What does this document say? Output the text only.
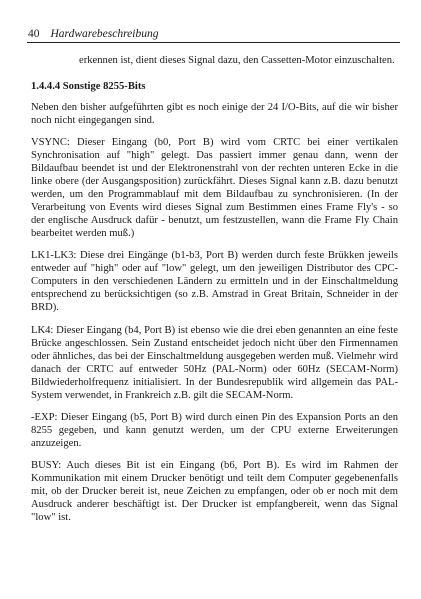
40 Hardwarebeschreibung

erkennen ist, dient dieses Signal dazu, den Cassetten-Motor einzuschalten.

1.4.4.4 Sonstige 8255-Bits

Neben den bisher aufgeführten gibt es noch einige der 24 I/O-Bits, auf die wir bisher noch nicht eingegangen sind.

VSYNC: Dieser Eingang (b0, Port B) wird vom CRTC bei einer vertikalen Synchronisation auf "high" gelegt. Das passiert immer genau dann, wenn der Bildaufbau beendet ist und der Elektronenstrahl von der rechten unteren Ecke in die linke obere (der Ausgangsposition) zurückfährt. Dieses Signal kann z.B. dazu benutzt werden, um den Programmablauf mit dem Bildaufbau zu synchronisieren. (In der Verarbeitung von Events wird dieses Signal zum Bestimmen eines Frame Fly's - so der englische Ausdruck dafür - benutzt, um festzustellen, wann die Frame Fly Chain bearbeitet werden muß.)

LK1-LK3: Diese drei Eingänge (b1-b3, Port B) werden durch feste Brükken jeweils entweder auf "high" oder auf "low" gelegt, um den jeweiligen Distributor des CPC-Computers in den verschiedenen Ländern zu ermitteln und in der Einschaltmeldung entsprechend zu berücksichtigen (so z.B. Amstrad in Great Britain, Schneider in der BRD).

LK4: Dieser Eingang (b4, Port B) ist ebenso wie die drei eben genannten an eine feste Brücke angeschlossen. Sein Zustand entscheidet jedoch nicht über den Firmennamen oder ähnliches, das bei der Einschaltmeldung ausgegeben werden muß. Vielmehr wird danach der CRTC auf entweder 50Hz (PAL-Norm) oder 60Hz (SECAM-Norm) Bildwiederholfrequenz initialisiert. In der Bundesrepublik wird allgemein das PAL-System verwendet, in Frankreich z.B. gilt die SECAM-Norm.

-EXP: Dieser Eingang (b5, Port B) wird durch einen Pin des Expansion Ports an den 8255 gegeben, und kann genutzt werden, um der CPU externe Erweiterungen anzuzeigen.

BUSY: Auch dieses Bit ist ein Eingang (b6, Port B). Es wird im Rahmen der Kommunikation mit einem Drucker benötigt und teilt dem Computer gegebenenfalls mit, ob der Drucker bereit ist, neue Zeichen zu empfangen, oder ob er noch mit dem Ausdruck anderer beschäftigt ist. Der Drucker ist empfangbereit, wenn das Signal "low" ist.
